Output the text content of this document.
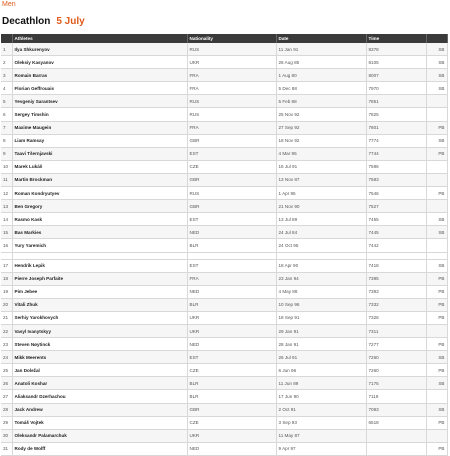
Men
Decathlon 5 July
	Athletes	Nationality	Date	Time	
1	Ilya Shkurenyov	RUS	11 Jan 91	8378	SB
2	Oleksiy Kasyanov	UKR	26 Aug 85	8105	SB
3	Romain Barras	FRA	1 Aug 80	8007	SB
4	Florian Geffrouais	FRA	5 Dec 88	7970	SB
5	Yevgeniy Sarantsev	RUS	5 Feb 88	7851	
6	Sergey Timshin	RUS	25 Nov 92	7825	
7	Maxime Maugein	FRA	27 Sep 92	7801	PB
8	Liam Ramsay	GBR	18 Nov 92	7774	SB
9	Taavi Tšernjavski	EST	4 Mar 95	7744	PB
10	Marek Lukáš	CZE	16 Jul 91	7596	
11	Martin Brockman	GBR	13 Nov 87	7583	
12	Roman Kondryutyev	RUS	1 Apr 95	7546	PB
13	Ben Gregory	GBR	21 Nov 90	7527	
14	Rasmo Kask	EST	13 Jul 89	7455	SB
15	Bas Markies	NED	24 Jul 84	7445	SB
16	Yury Yaremich	BLR	24 Oct 95	7442	

17	Hendrik Lepik	EST	18 Apr 90	7418	SB
18	Pierre Joseph Parfaite	FRA	23 Jan 94	7395	PB
19	Pim Jebee	NED	4 May 88	7393	PB
20	Vitali Zhuk	BLR	10 Sep 96	7332	PB
21	Serhiy Yarokhovych	UKR	18 Sep 91	7326	PB
22	Vasyl Ivanytskyy	UKR	29 Jan 91	7311	
23	Steven Nøytinck	NED	28 Jan 91	7277	PB
24	Mikk Meerents	EST	26 Jul 91	7260	SB
25	Jan Doležal	CZE	6 Jun 96	7260	PB
26	Anatoli Koshar	BLR	11 Jun 89	7175	SB
27	Aliaksandr Dzerhachou	BLR	17 Jun 90	7118	
28	Jack Andrew	GBR	2 Oct 91	7083	SB
29	Tomáš Vojtek	CZE	3 Sep 93	6518	PB
30	Oleksandr Palamarchuk	UKR	11 May 87		
31	Rody de Wolff	NED	9 Apr 97		PB
